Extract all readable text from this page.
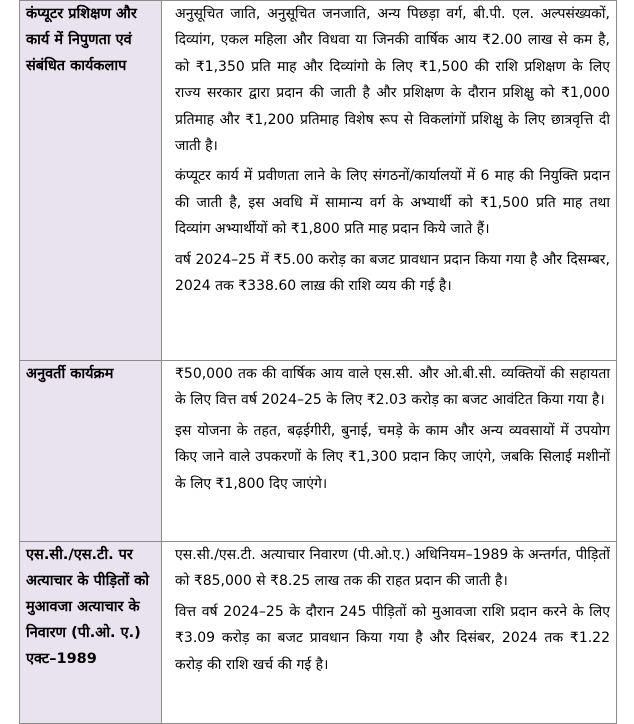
कंप्यूटर प्रशिक्षण और कार्य में निपुणता एवं संबंधित कार्यकलाप	अनुसूचित जाति, अनुसूचित जनजाति, अन्य पिछड़ा वर्ग, बी.पी. एल. अल्पसंख्यकों, दिव्यांग, एकल महिला और विधवा या जिनकी वार्षिक आय ₹2.00 लाख से कम है, को ₹1,350 प्रति माह और दिव्यांगो के लिए ₹1,500 की राशि प्रशिक्षण के लिए राज्य सरकार द्वारा प्रदान की जाती है और प्रशिक्षण के दौरान प्रशिक्षु को ₹1,000 प्रतिमाह और ₹1,200 प्रतिमाह विशेष रूप से विकलांगों प्रशिक्षु के लिए छात्रवृत्ति दी जाती है।

कंप्यूटर कार्य में प्रवीणता लाने के लिए संगठनों/कार्यालयों में 6 माह की नियुक्ति प्रदान की जाती है, इस अवधि में सामान्य वर्ग के अभ्यार्थी को ₹1,500 प्रति माह तथा दिव्यांग अभ्यार्थीयों को ₹1,800 प्रति माह प्रदान किये जाते हैं।

वर्ष 2024–25 में ₹5.00 करोड़ का बजट प्रावधान प्रदान किया गया है और दिसम्बर, 2024 तक ₹338.60 लाख़ की राशि व्यय की गई है।

अनुवर्ती कार्यक्रम	₹50,000 तक की वार्षिक आय वाले एस.सी. और ओ.बी.सी. व्यक्तियों की सहायता के लिए वित्त वर्ष 2024–25 के लिए ₹2.03 करोड़ का बजट आवंटित किया गया है।

इस योजना के तहत, बढ़ईगीरी, बुनाई, चमड़े के काम और अन्य व्यवसायों में उपयोग किए जाने वाले उपकरणों के लिए ₹1,300 प्रदान किए जाएंगे, जबकि सिलाई मशीनों के लिए ₹1,800 दिए जाएंगे।

एस.सी./एस.टी. पर अत्याचार के पीड़ितों को मुआवजा अत्याचार के निवारण (पी.ओ. ए.) एक्ट–1989	एस.सी./एस.टी. अत्याचार निवारण (पी.ओ.ए.) अधिनियम–1989 के अन्तर्गत, पीड़ितों को ₹85,000 से ₹8.25 लाख तक की राहत प्रदान की जाती है।

वित्त वर्ष 2024–25 के दौरान 245 पीड़ितों को मुआवजा राशि प्रदान करने के लिए ₹3.09 करोड़ का बजट प्रावधान किया गया है और दिसंबर, 2024 तक ₹1.22 करोड़ की राशि खर्च की गई है।
